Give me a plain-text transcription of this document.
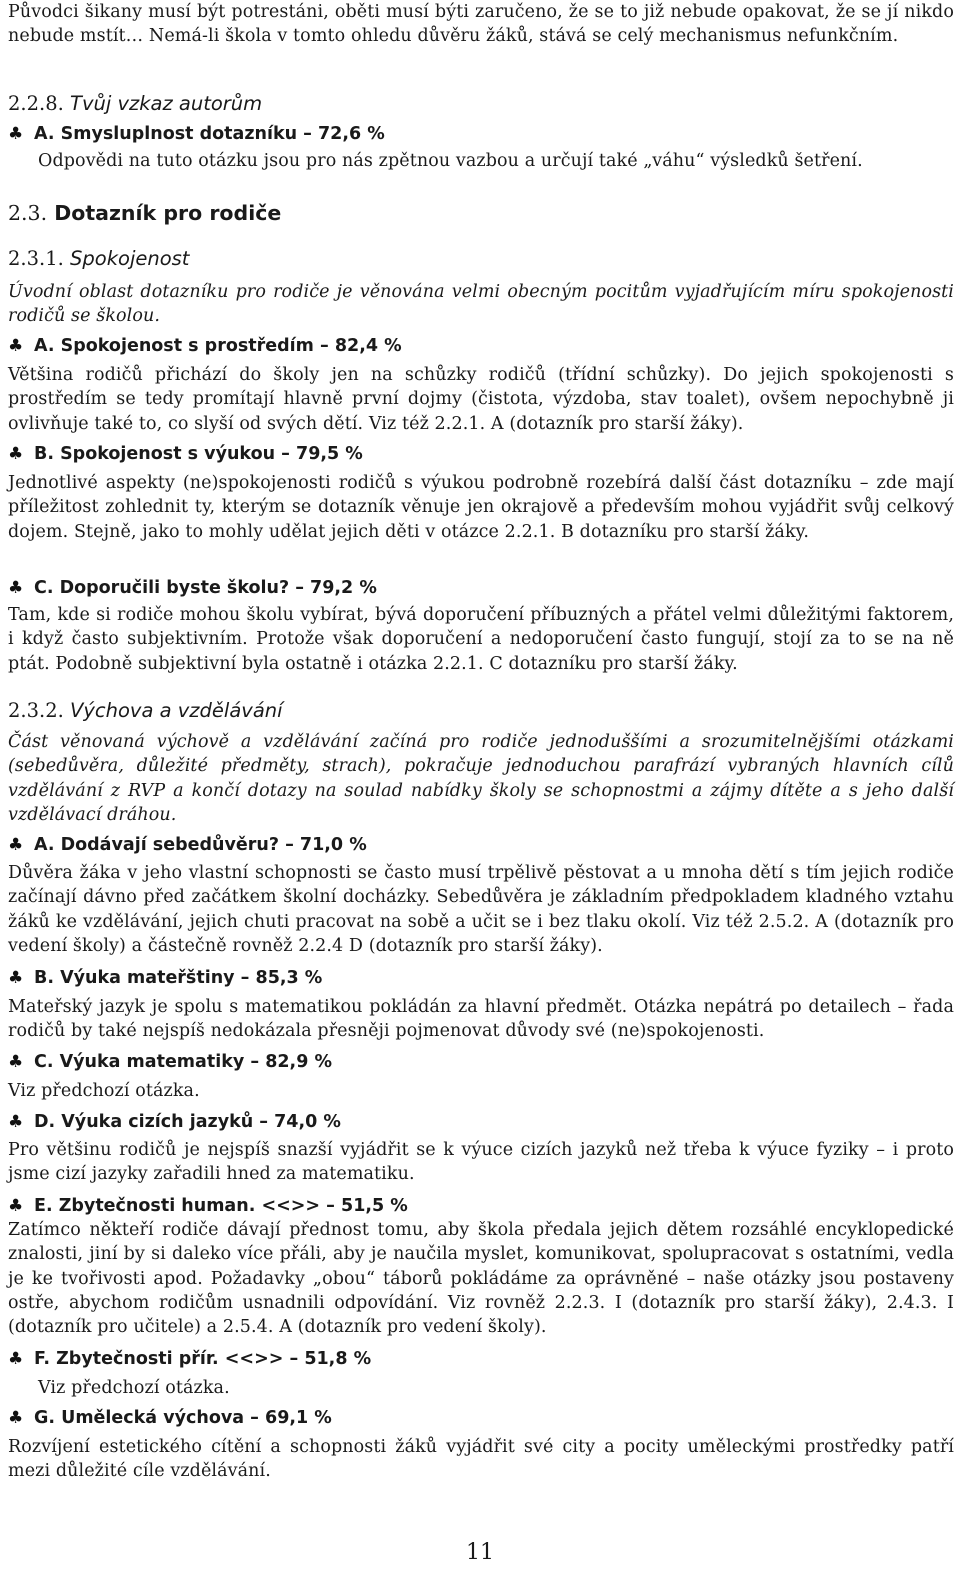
Původci šikany musí být potrestáni, oběti musí býti zaručeno, že se to již nebude opakovat, že se jí nikdo nebude mstít… Nemá-li škola v tomto ohledu důvěru žáků, stává se celý mechanismus nefunkčním.

2.2.8. Tvůj vzkaz autorům

♣ A. Smysluplnost dotazníku – 72,6 %

Odpovědi na tuto otázku jsou pro nás zpětnou vazbou a určují také „váhu“ výsledků šetření.

2.3. Dotazník pro rodiče

2.3.1. Spokojenost

Úvodní oblast dotazníku pro rodiče je věnována velmi obecným pocitům vyjadřujícím míru spokojenosti rodičů se školou.

♣ A. Spokojenost s prostředím – 82,4 %

Většina rodičů přichází do školy jen na schůzky rodičů (třídní schůzky). Do jejich spokojenosti s prostředím se tedy promítají hlavně první dojmy (čistota, výzdoba, stav toalet), ovšem nepochybně ji ovlivňuje také to, co slyší od svých dětí. Viz též 2.2.1. A (dotazník pro starší žáky).

♣ B. Spokojenost s výukou – 79,5 %

Jednotlivé aspekty (ne)spokojenosti rodičů s výukou podrobně rozebírá další část dotazníku – zde mají příležitost zohlednit ty, kterým se dotazník věnuje jen okrajově a především mohou vyjádřit svůj celkový dojem. Stejně, jako to mohly udělat jejich děti v otázce 2.2.1. B dotazníku pro starší žáky.

♣ C. Doporučili byste školu? – 79,2 %

Tam, kde si rodiče mohou školu vybírat, bývá doporučení příbuzných a přátel velmi důležitými faktorem, i když často subjektivním. Protože však doporučení a nedoporučení často fungují, stojí za to se na ně ptát. Podobně subjektivní byla ostatně i otázka 2.2.1. C dotazníku pro starší žáky.

2.3.2. Výchova a vzdělávání

Část věnovaná výchově a vzdělávání začíná pro rodiče jednoduššími a srozumitelnějšími otázkami (sebedůvěra, důležité předměty, strach), pokračuje jednoduchou parafrází vybraných hlavních cílů vzdělávání z RVP a končí dotazy na soulad nabídky školy se schopnostmi a zájmy dítěte a s jeho další vzdělávací dráhou.

♣ A. Dodávají sebedůvěru? – 71,0 %

Důvěra žáka v jeho vlastní schopnosti se často musí trpělivě pěstovat a u mnoha dětí s tím jejich rodiče začínají dávno před začátkem školní docházky. Sebedůvěra je základním předpokladem kladného vztahu žáků ke vzdělávání, jejich chuti pracovat na sobě a učit se i bez tlaku okolí. Viz též 2.5.2. A (dotazník pro vedení školy) a částečně rovněž 2.2.4 D (dotazník pro starší žáky).

♣ B. Výuka mateřštiny – 85,3 %

Mateřský jazyk je spolu s matematikou pokládán za hlavní předmět. Otázka nepátrá po detailech – řada rodičů by také nejspíš nedokázala přesněji pojmenovat důvody své (ne)spokojenosti.

♣ C. Výuka matematiky – 82,9 %

Viz předchozí otázka.

♣ D. Výuka cizích jazyků – 74,0 %

Pro většinu rodičů je nejspíš snazší vyjádřit se k výuce cizích jazyků než třeba k výuce fyziky – i proto jsme cizí jazyky zařadili hned za matematiku.

♣ E. Zbytečnosti human. <<>> – 51,5 %

Zatímco někteří rodiče dávají přednost tomu, aby škola předala jejich dětem rozsáhlé encyklopedické znalosti, jiní by si daleko více přáli, aby je naučila myslet, komunikovat, spolupracovat s ostatními, vedla je ke tvořivosti apod. Požadavky „obou“ táborů pokládáme za oprávněné – naše otázky jsou postaveny ostře, abychom rodičům usnadnili odpovídání. Viz rovněž 2.2.3. I (dotazník pro starší žáky), 2.4.3. I (dotazník pro učitele) a 2.5.4. A (dotazník pro vedení školy).

♣ F. Zbytečnosti přír. <<>> – 51,8 %

Viz předchozí otázka.

♣ G. Umělecká výchova – 69,1 %

Rozvíjení estetického cítění a schopnosti žáků vyjádřit své city a pocity uměleckými prostředky patří mezi důležité cíle vzdělávání.

11
